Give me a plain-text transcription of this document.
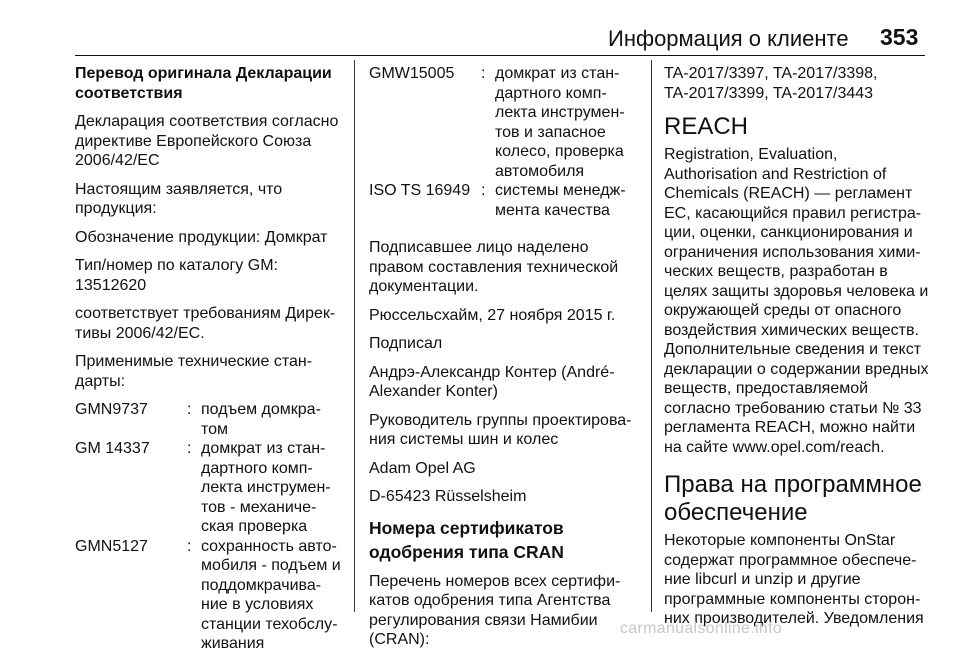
Информация о клиенте 353
Перевод оригинала Декларации
соответствия

Декларация соответствия согласно
директиве Европейского Союза
2006/42/EC

Настоящим заявляется, что
продукция:

Обозначение продукции: Домкрат

Тип/номер по каталогу GM:
13512620

соответствует требованиям Дирек-
тивы 2006/42/EC.

Применимые технические стан-
дарты:

GMN9737	: подъем домкра-
том
GM 14337	: домкрат из стан-
дартного комп-
лекта инструмен-
тов - механиче-
ская проверка
GMN5127	: сохранность авто-
мобиля - подъем и
поддомкрачива-
ние в условиях
станции техобслу-
живания
GMW15005	: домкрат из стан-
дартного комп-
лекта инструмен-
тов и запасное
колесо, проверка
автомобиля
ISO TS 16949 : системы менедж-
мента качества

Подписавшее лицо наделено
правом составления технической
документации.

Рюссельсхайм, 27 ноября 2015 г.

Подписал

Андрэ-Александр Контер (André-
Alexander Konter)

Руководитель группы проектирова-
ния системы шин и колес

Adam Opel AG

D-65423 Rüsselsheim

Номера сертификатов
одобрения типа CRAN

Перечень номеров всех сертифи-
катов одобрения типа Агентства
регулирования связи Намибии
(CRAN):

TA-2017/3397, TA-2017/3398,
TA-2017/3399, TA-2017/3443

REACH

Registration, Evaluation,
Authorisation and Restriction of
Chemicals (REACH) — регламент
ЕС, касающийся правил регистра-
ции, оценки, санкционирования и
ограничения использования хими-
ческих веществ, разработан в
целях защиты здоровья человека и
окружающей среды от опасного
воздействия химических веществ.
Дополнительные сведения и текст
декларации о содержании вредных
веществ, предоставляемой
согласно требованию статьи № 33
регламента REACH, можно найти
на сайте www.opel.com/reach.

Права на программное
обеспечение

Некоторые компоненты OnStar
содержат программное обеспече-
ние libcurl и unzip и другие
программные компоненты сторон-
них производителей. Уведомления

carmanualsonline.info
